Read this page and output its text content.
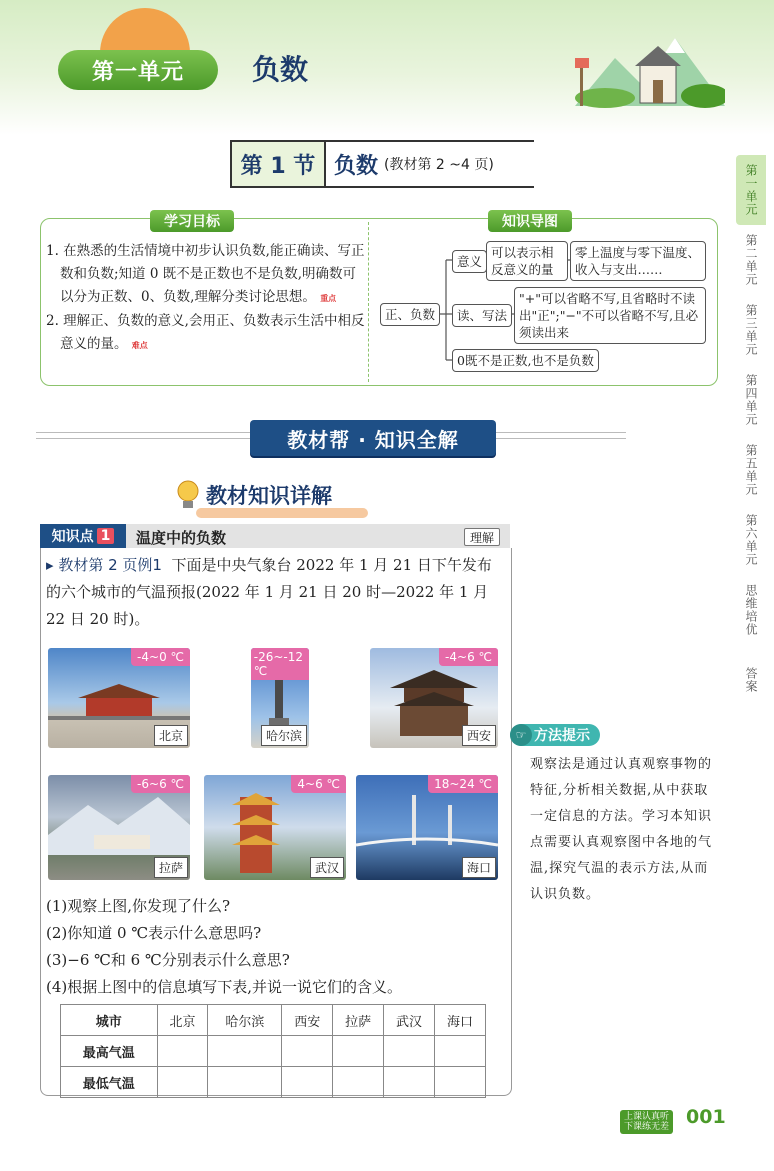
第一单元	负数
第 1 节 负数 (教材第 2 ~4 页)
学习目标	知识导图

1. 在熟悉的生活情境中初步认识负数,能正确读、写正数和负数;知道 0 既不是正数也不是负数,明确数可以分为正数、0、负数,理解分类讨论思想。 重点

2. 理解正、负数的意义,会用正、负数表示生活中相反意义的量。 难点

正、负数
意义
可以表示相反意义的量
零上温度与零下温度、收入与支出……
读、写法
"+"可以省略不写,且省略时不读出"正";"−"不可以省略不写,且必须读出来
0既不是正数,也不是负数
教材帮 · 知识全解
教材知识详解
知识点 1 温度中的负数	理解
▸ 教材第 2 页例1 下面是中央气象台 2022 年 1 月 21 日下午发布的六个城市的气温预报(2022 年 1 月 21 日 20 时—2022 年 1 月 22 日 20 时)。
-4~0 ℃
北京
-26~-12 ℃
哈尔滨
-4~6 ℃
西安
-6~6 ℃
拉萨
4~6 ℃
武汉
18~24 ℃
海口

(1)观察上图,你发现了什么?

(2)你知道 0 ℃表示什么意思吗?

(3)−6 ℃和 6 ℃分别表示什么意思?

(4)根据上图中的信息填写下表,并说一说它们的含义。

城市	北京	哈尔滨	西安	拉萨	武汉	海口
最高气温						
最低气温						
方法提示
☞
观察法是通过认真观察事物的特征,分析相关数据,从中获取一定信息的方法。学习本知识点需要认真观察图中各地的气温,探究气温的表示方法,从而认识负数。
第一单元
第二单元
第三单元
第四单元
第五单元
第六单元
思维培优
答案
上课认真听
下课练无差 001
